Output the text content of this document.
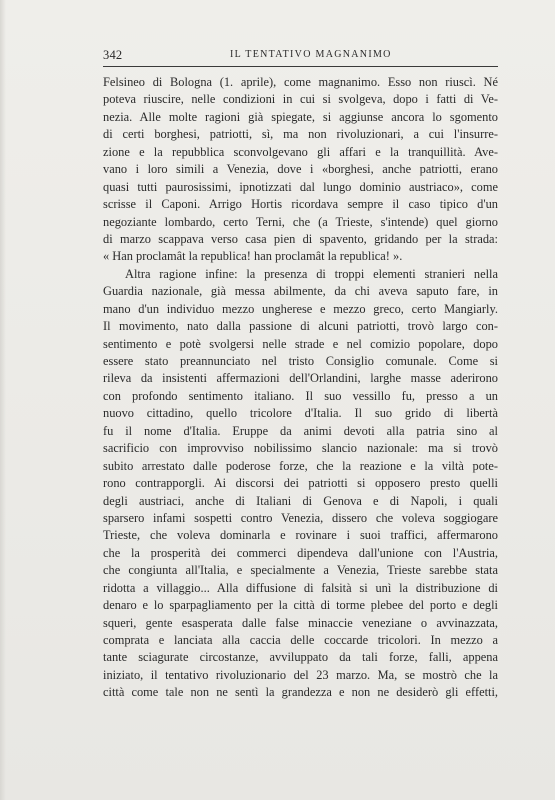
342	IL TENTATIVO MAGNANIMO
Felsineo di Bologna (1. aprile), come magnanimo. Esso non riuscì. Né
poteva riuscire, nelle condizioni in cui si svolgeva, dopo i fatti di Ve-
nezia. Alle molte ragioni già spiegate, si aggiunse ancora lo sgomento
di certi borghesi, patriotti, sì, ma non rivoluzionari, a cui l'insurre-
zione e la repubblica sconvolgevano gli affari e la tranquillità. Ave-
vano i loro simili a Venezia, dove i «borghesi, anche patriotti, erano
quasi tutti paurosissimi, ipnotizzati dal lungo dominio austriaco», come
scrisse il Caponi. Arrigo Hortis ricordava sempre il caso tipico d'un
negoziante lombardo, certo Terni, che (a Trieste, s'intende) quel giorno
di marzo scappava verso casa pien di spavento, gridando per la strada:
« Han proclamât la republica! han proclamât la republica! ».
Altra ragione infine: la presenza di troppi elementi stranieri nella
Guardia nazionale, già messa abilmente, da chi aveva saputo fare, in
mano d'un individuo mezzo ungherese e mezzo greco, certo Mangiarly.
Il movimento, nato dalla passione di alcuni patriotti, trovò largo con-
sentimento e potè svolgersi nelle strade e nel comizio popolare, dopo
essere stato preannunciato nel tristo Consiglio comunale. Come si
rileva da insistenti affermazioni dell'Orlandini, larghe masse aderirono
con profondo sentimento italiano. Il suo vessillo fu, presso a un
nuovo cittadino, quello tricolore d'Italia. Il suo grido di libertà
fu il nome d'Italia. Eruppe da animi devoti alla patria sino al
sacrificio con improvviso nobilissimo slancio nazionale: ma si trovò
subito arrestato dalle poderose forze, che la reazione e la viltà pote-
rono contrapporgli. Ai discorsi dei patriotti si opposero presto quelli
degli austriaci, anche di Italiani di Genova e di Napoli, i quali
sparsero infami sospetti contro Venezia, dissero che voleva soggiogare
Trieste, che voleva dominarla e rovinare i suoi traffici, affermarono
che la prosperità dei commerci dipendeva dall'unione con l'Austria,
che congiunta all'Italia, e specialmente a Venezia, Trieste sarebbe stata
ridotta a villaggio... Alla diffusione di falsità si unì la distribuzione di
denaro e lo sparpagliamento per la città di torme plebee del porto e degli
squeri, gente esasperata dalle false minaccie veneziane o avvinazzata,
comprata e lanciata alla caccia delle coccarde tricolori. In mezzo a
tante sciagurate circostanze, avviluppato da tali forze, falli, appena
iniziato, il tentativo rivoluzionario del 23 marzo. Ma, se mostrò che la
città come tale non ne sentì la grandezza e non ne desiderò gli effetti,
